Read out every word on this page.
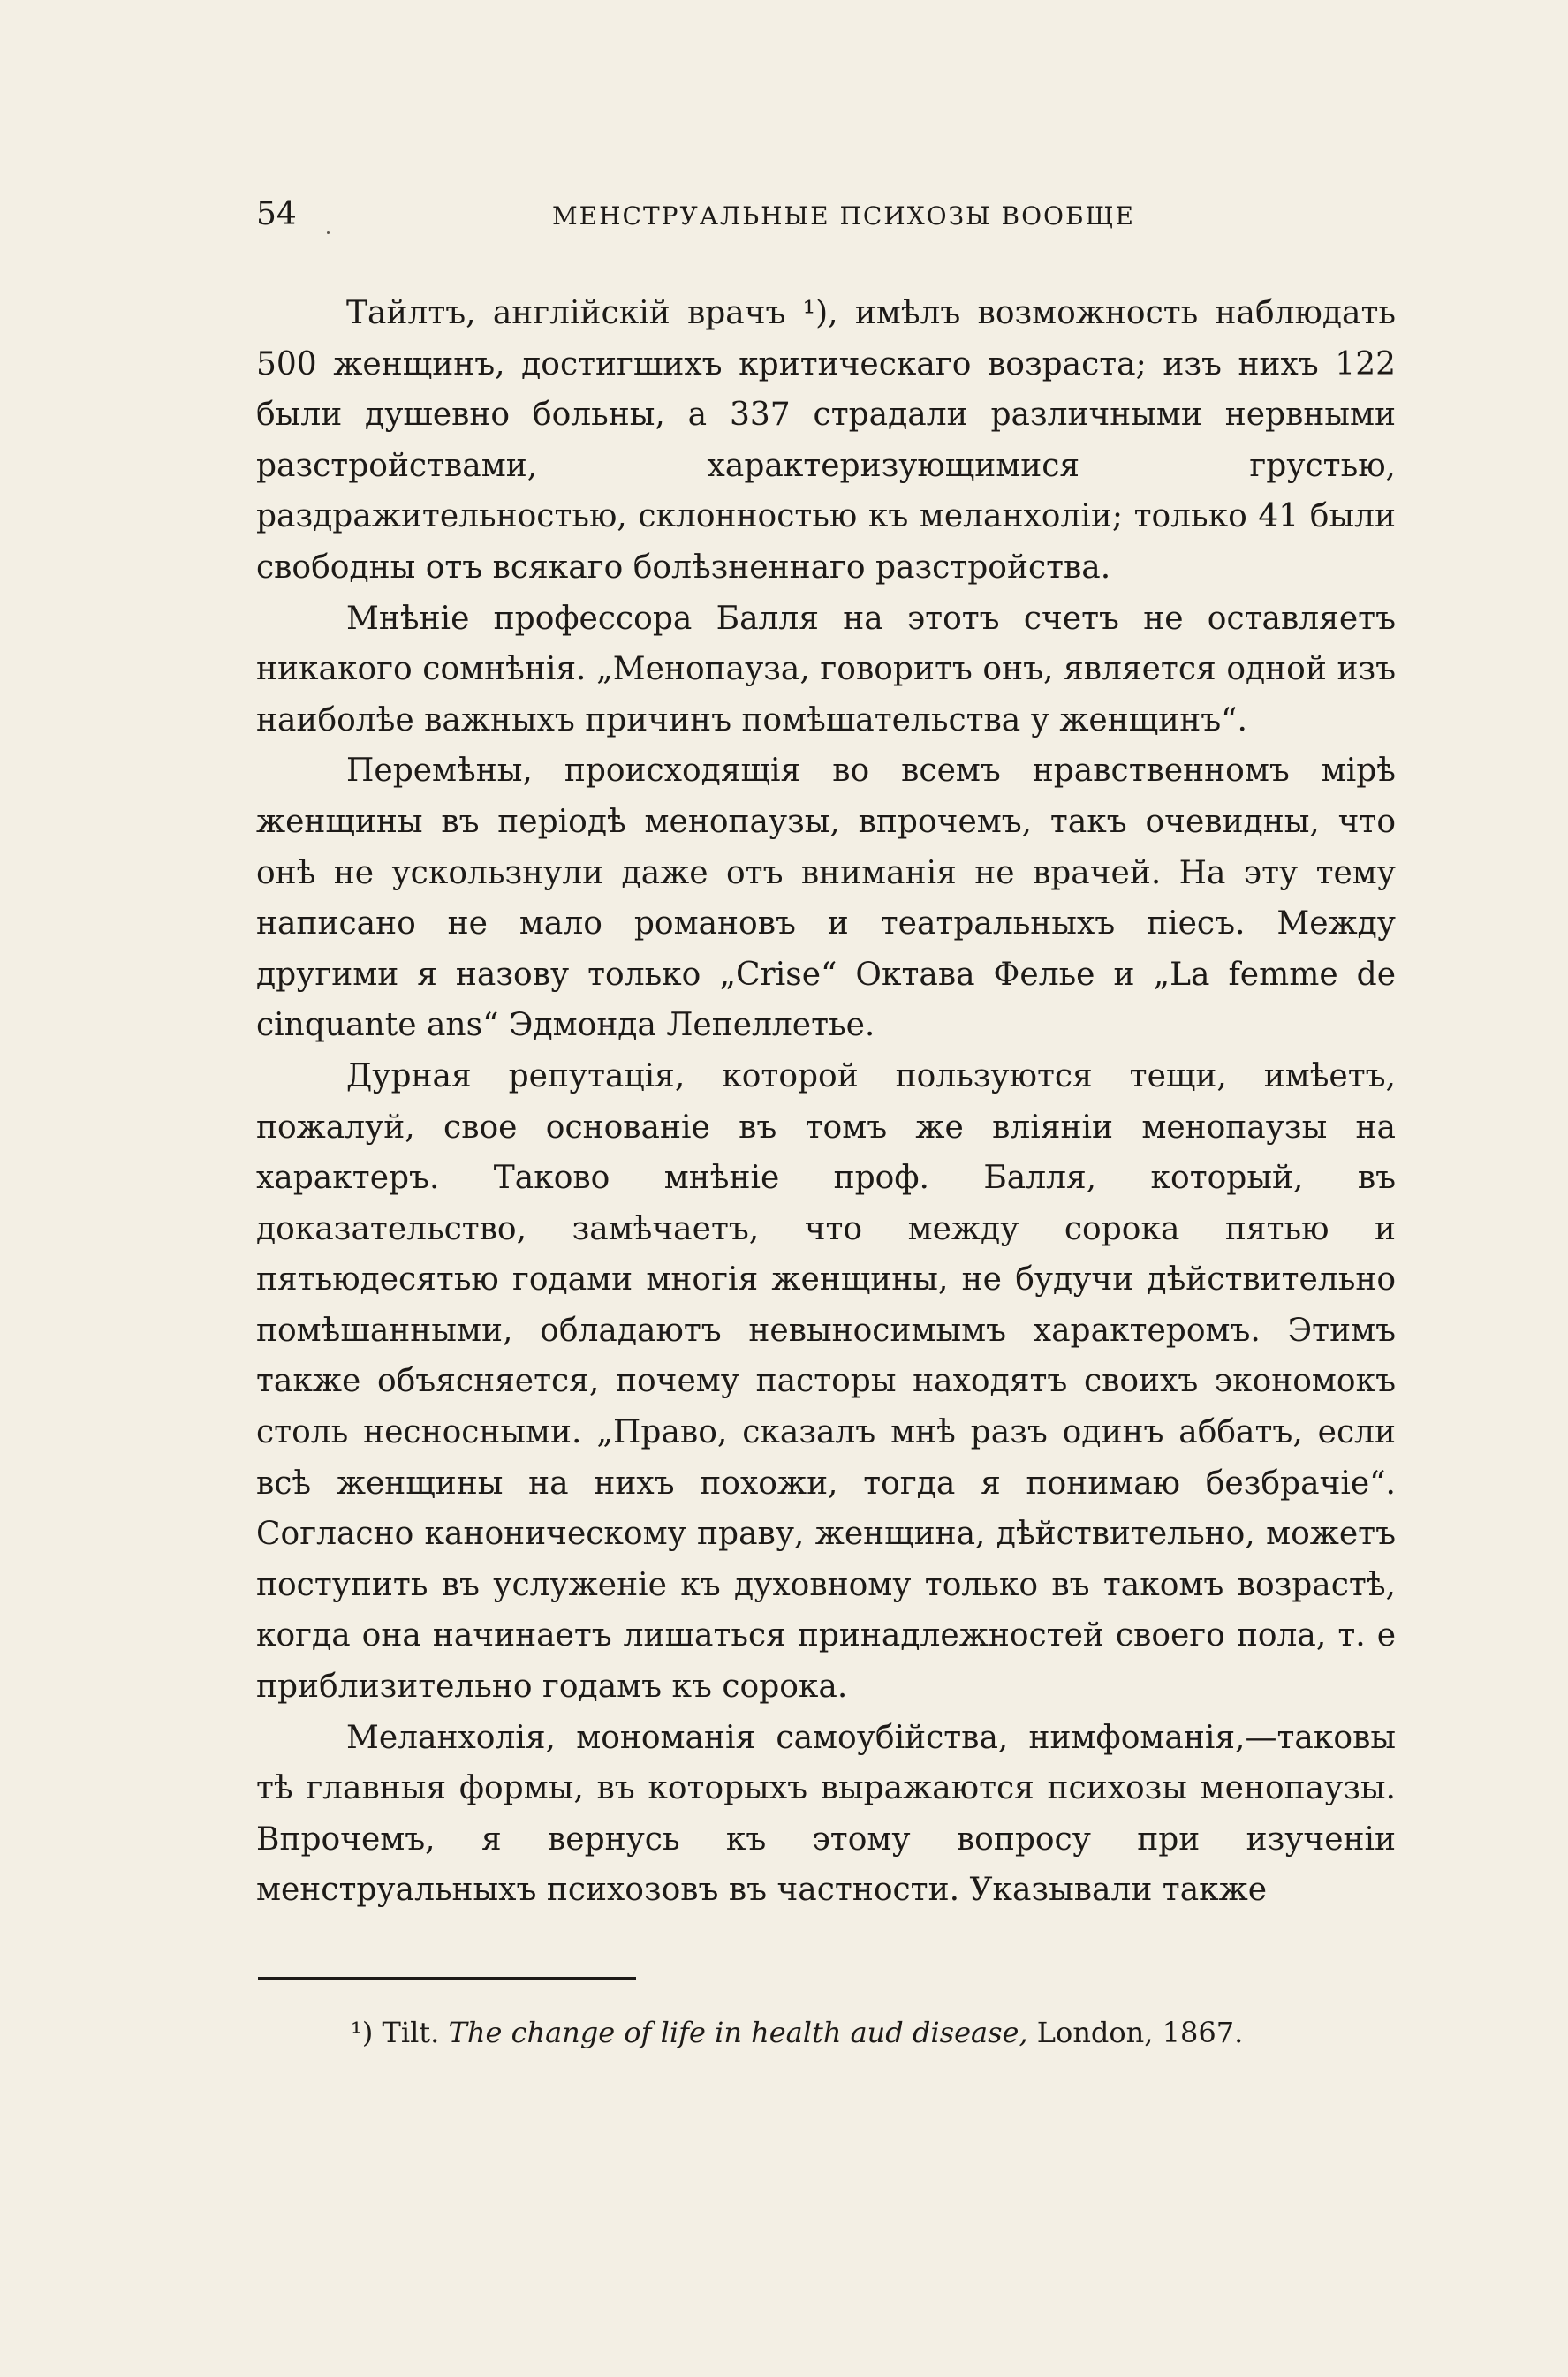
54	МЕНСТРУАЛЬНЫЕ ПСИХОЗЫ ВООБЩЕ

Тайлтъ, англійскій врачъ ¹), имѣлъ возможность наблюдать 500 женщинъ, достигшихъ критическаго возраста; изъ нихъ 122 были душевно больны, а 337 страдали различными нервными разстройствами, характеризующимися грустью, раздражительностью, склонностью къ меланхоліи; только 41 были свободны отъ всякаго болѣзненнаго разстройства.

Мнѣніе профессора Балля на этотъ счетъ не оставляетъ никакого сомнѣнія. „Менопауза, говоритъ онъ, является одной изъ наиболѣе важныхъ причинъ помѣшательства у женщинъ“.

Перемѣны, происходящія во всемъ нравственномъ мірѣ женщины въ періодѣ менопаузы, впрочемъ, такъ очевидны, что онѣ не ускользнули даже отъ вниманія не врачей. На эту тему написано не мало романовъ и театральныхъ піесъ. Между другими я назову только „Crise“ Октава Фелье и „La femme de cinquante ans“ Эдмонда Лепеллетье.

Дурная репутація, которой пользуются тещи, имѣетъ, пожалуй, свое основаніе въ томъ же вліяніи менопаузы на характеръ. Таково мнѣніе проф. Балля, который, въ доказательство, замѣчаетъ, что между сорока пятью и пятьюдесятью годами многія женщины, не будучи дѣйствительно помѣшанными, обладаютъ невыносимымъ характеромъ. Этимъ также объясняется, почему пасторы находятъ своихъ экономокъ столь несносными. „Право, сказалъ мнѣ разъ одинъ аббатъ, если всѣ женщины на нихъ похожи, тогда я понимаю безбрачіе“. Согласно каноническому праву, женщина, дѣйствительно, можетъ поступить въ услуженіе къ духовному только въ такомъ возрастѣ, когда она начинаетъ лишаться принадлежностей своего пола, т. е приблизительно годамъ къ сорока.

Меланхолія, мономанія самоубійства, нимфоманія,—таковы тѣ главныя формы, въ которыхъ выражаются психозы менопаузы. Впрочемъ, я вернусь къ этому вопросу при изученіи менструальныхъ психозовъ въ частности. Указывали также

¹) Tilt. The change of life in health aud disease, London, 1867.
